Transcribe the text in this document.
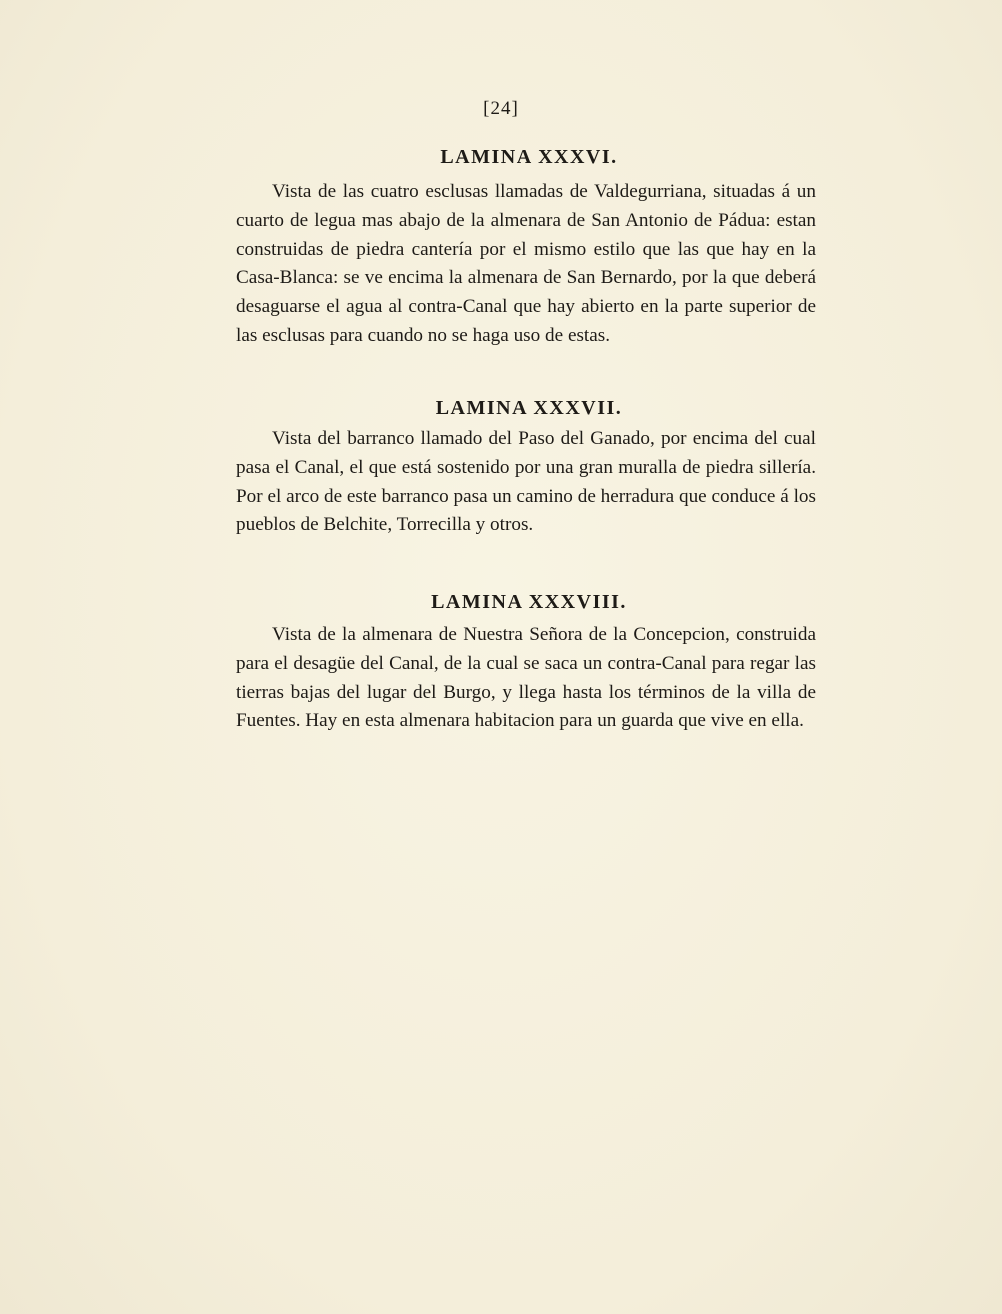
[24]
LAMINA XXXVI.

Vista de las cuatro esclusas llamadas de Valdegurriana, situadas á un cuarto de legua mas abajo de la almenara de San Antonio de Pádua: estan construidas de piedra cantería por el mismo estilo que las que hay en la Casa-Blanca: se ve encima la almenara de San Bernardo, por la que deberá desaguarse el agua al contra-Canal que hay abierto en la parte superior de las esclusas para cuando no se haga uso de estas.

LAMINA XXXVII.

Vista del barranco llamado del Paso del Ganado, por encima del cual pasa el Canal, el que está sostenido por una gran muralla de piedra sillería. Por el arco de este barranco pasa un camino de herradura que conduce á los pueblos de Belchite, Torrecilla y otros.

LAMINA XXXVIII.

Vista de la almenara de Nuestra Señora de la Concepcion, construida para el desagüe del Canal, de la cual se saca un contra-Canal para regar las tierras bajas del lugar del Burgo, y llega hasta los términos de la villa de Fuentes. Hay en esta almenara habitacion para un guarda que vive en ella.
